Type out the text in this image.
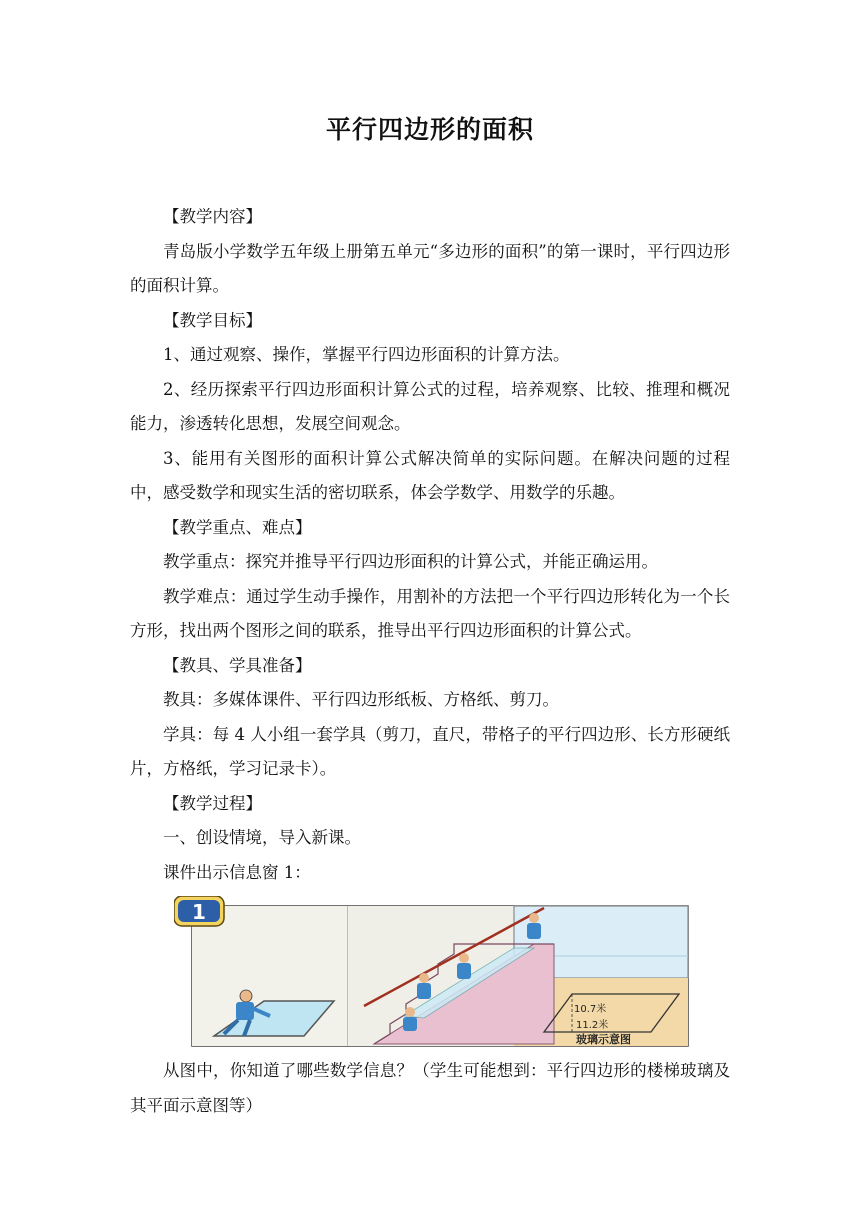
平行四边形的面积

【教学内容】

青岛版小学数学五年级上册第五单元“多边形的面积”的第一课时，平行四边形的面积计算。

【教学目标】

1、通过观察、操作，掌握平行四边形面积的计算方法。

2、经历探索平行四边形面积计算公式的过程，培养观察、比较、推理和概况能力，渗透转化思想，发展空间观念。

3、能用有关图形的面积计算公式解决简单的实际问题。在解决问题的过程中，感受数学和现实生活的密切联系，体会学数学、用数学的乐趣。

【教学重点、难点】

教学重点：探究并推导平行四边形面积的计算公式，并能正确运用。

教学难点：通过学生动手操作，用割补的方法把一个平行四边形转化为一个长方形，找出两个图形之间的联系，推导出平行四边形面积的计算公式。

【教具、学具准备】

教具：多媒体课件、平行四边形纸板、方格纸、剪刀。

学具：每 4 人小组一套学具（剪刀，直尺，带格子的平行四边形、长方形硬纸片，方格纸，学习记录卡）。

【教学过程】

一、创设情境，导入新课。

课件出示信息窗 1：

10.7米
11.2米
玻璃示意图
1

从图中，你知道了哪些数学信息？（学生可能想到：平行四边形的楼梯玻璃及其平面示意图等）
